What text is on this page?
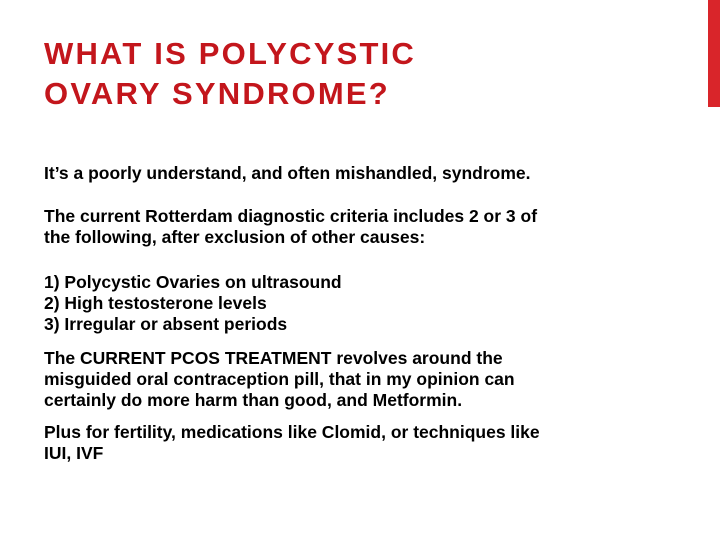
WHAT IS POLYCYSTIC
OVARY SYNDROME?

It’s a poorly understand, and often mishandled, syndrome.

The current Rotterdam diagnostic criteria includes 2 or 3 of
the following, after exclusion of other causes:

1) Polycystic Ovaries on ultrasound
2) High testosterone levels
3) Irregular or absent periods

The CURRENT PCOS TREATMENT revolves around the
misguided oral contraception pill, that in my opinion can
certainly do more harm than good, and Metformin.

Plus for fertility, medications like Clomid, or techniques like
IUI, IVF
